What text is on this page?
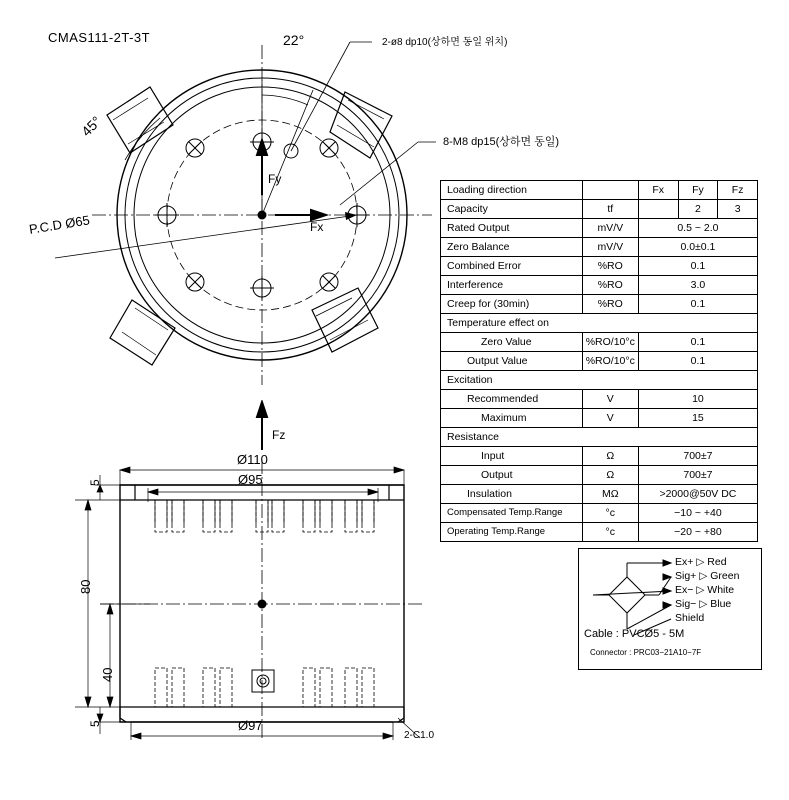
CMAS111-2T-3T	22°
45°
P.C.D Ø65
2-ø8 dp10(상하면 동일 위치)
8-M8 dp15(상하면 동일)
Fy
Fx
Fz
Ø110
Ø95
Ø97
80
40
5
5
2-C1.0
Loading direction		Fx	Fy	Fz
Capacity	tf		2	3
Rated Output	mV/V	0.5 ~ 2.0		
Zero Balance	mV/V	0.0±0.1		
Combined Error	%RO	0.1		
Interference	%RO	3.0		
Creep for (30min)	%RO	0.1		
Temperature effect on				
Zero Value	%RO/10°c	0.1		
Output Value	%RO/10°c	0.1		
Excitation				
Recommended	V	10		
Maximum	V	15		
Resistance				
Input	Ω	700±7		
Output	Ω	700±7		
Insulation	MΩ	>2000@50V DC		
Compensated Temp.Range	°c	−10 ~ +40		
Operating Temp.Range	°c	−20 ~ +80		
Ex+ ▷ Red
Sig+ ▷ Green
Ex− ▷ White
Sig− ▷ Blue
Shield
Cable : PVCØ5 - 5M
Connector : PRC03−21A10−7F
